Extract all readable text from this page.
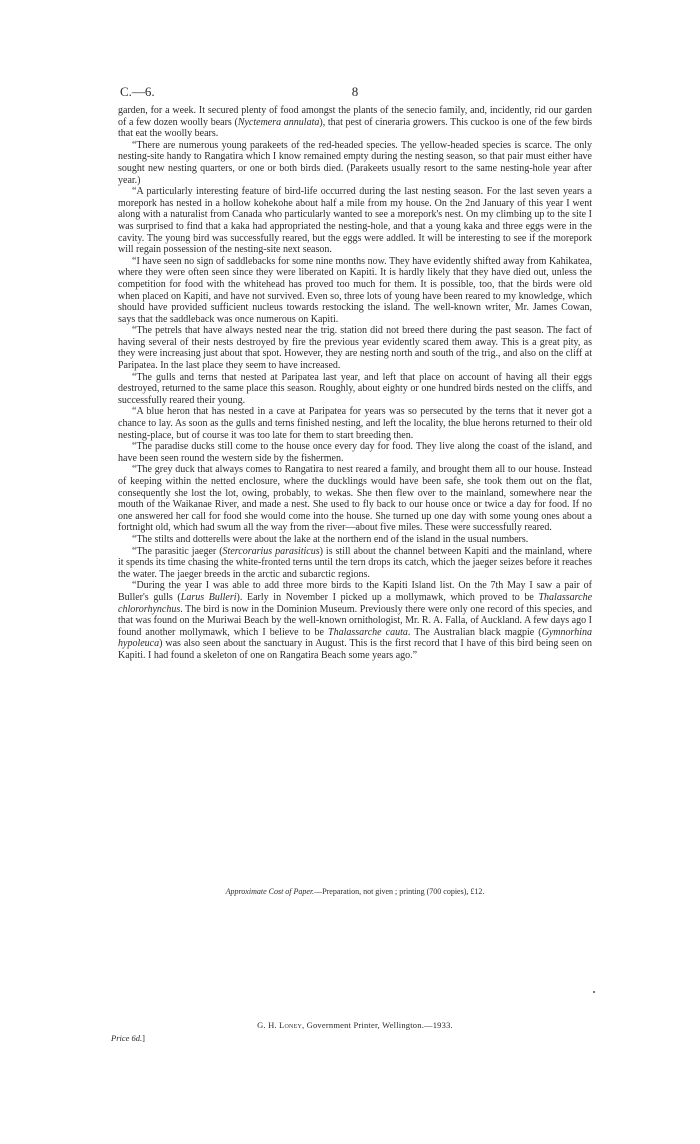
C.—6.	8

garden, for a week. It secured plenty of food amongst the plants of the senecio family, and, incidently, rid our garden of a few dozen woolly bears (Nyctemera annulata), that pest of cineraria growers. This cuckoo is one of the few birds that eat the woolly bears.

“There are numerous young parakeets of the red-headed species. The yellow-headed species is scarce. The only nesting-site handy to Rangatira which I know remained empty during the nesting season, so that pair must either have sought new nesting quarters, or one or both birds died. (Parakeets usually resort to the same nesting-hole year after year.)

“A particularly interesting feature of bird-life occurred during the last nesting season. For the last seven years a morepork has nested in a hollow kohekohe about half a mile from my house. On the 2nd January of this year I went along with a naturalist from Canada who particularly wanted to see a morepork's nest. On my climbing up to the site I was surprised to find that a kaka had appropriated the nesting-hole, and that a young kaka and three eggs were in the cavity. The young bird was successfully reared, but the eggs were addled. It will be interesting to see if the morepork will regain possession of the nesting-site next season.

“I have seen no sign of saddlebacks for some nine months now. They have evidently shifted away from Kahikatea, where they were often seen since they were liberated on Kapiti. It is hardly likely that they have died out, unless the competition for food with the whitehead has proved too much for them. It is possible, too, that the birds were old when placed on Kapiti, and have not survived. Even so, three lots of young have been reared to my knowledge, which should have provided sufficient nucleus towards restocking the island. The well-known writer, Mr. James Cowan, says that the saddleback was once numerous on Kapiti.

“The petrels that have always nested near the trig. station did not breed there during the past season. The fact of having several of their nests destroyed by fire the previous year evidently scared them away. This is a great pity, as they were increasing just about that spot. However, they are nesting north and south of the trig., and also on the cliff at Paripatea. In the last place they seem to have increased.

“The gulls and terns that nested at Paripatea last year, and left that place on account of having all their eggs destroyed, returned to the same place this season. Roughly, about eighty or one hundred birds nested on the cliffs, and successfully reared their young.

“A blue heron that has nested in a cave at Paripatea for years was so persecuted by the terns that it never got a chance to lay. As soon as the gulls and terns finished nesting, and left the locality, the blue herons returned to their old nesting-place, but of course it was too late for them to start breeding then.

“The paradise ducks still come to the house once every day for food. They live along the coast of the island, and have been seen round the western side by the fishermen.

“The grey duck that always comes to Rangatira to nest reared a family, and brought them all to our house. Instead of keeping within the netted enclosure, where the ducklings would have been safe, she took them out on the flat, consequently she lost the lot, owing, probably, to wekas. She then flew over to the mainland, somewhere near the mouth of the Waikanae River, and made a nest. She used to fly back to our house once or twice a day for food. If no one answered her call for food she would come into the house. She turned up one day with some young ones about a fortnight old, which had swum all the way from the river—about five miles. These were successfully reared.

“The stilts and dotterells were about the lake at the northern end of the island in the usual numbers.

“The parasitic jaeger (Stercorarius parasiticus) is still about the channel between Kapiti and the mainland, where it spends its time chasing the white-fronted terns until the tern drops its catch, which the jaeger seizes before it reaches the water. The jaeger breeds in the arctic and subarctic regions.

“During the year I was able to add three more birds to the Kapiti Island list. On the 7th May I saw a pair of Buller's gulls (Larus Bulleri). Early in November I picked up a mollymawk, which proved to be Thalassarche chlororhynchus. The bird is now in the Dominion Museum. Previously there were only one record of this species, and that was found on the Muriwai Beach by the well-known ornithologist, Mr. R. A. Falla, of Auckland. A few days ago I found another mollymawk, which I believe to be Thalassarche cauta. The Australian black magpie (Gymnorhina hypoleuca) was also seen about the sanctuary in August. This is the first record that I have of this bird being seen on Kapiti. I had found a skeleton of one on Rangatira Beach some years ago.”

Approximate Cost of Paper.—Preparation, not given ; printing (700 copies), £12.
G. H. Loney, Government Printer, Wellington.—1933.
Price 6d.]
